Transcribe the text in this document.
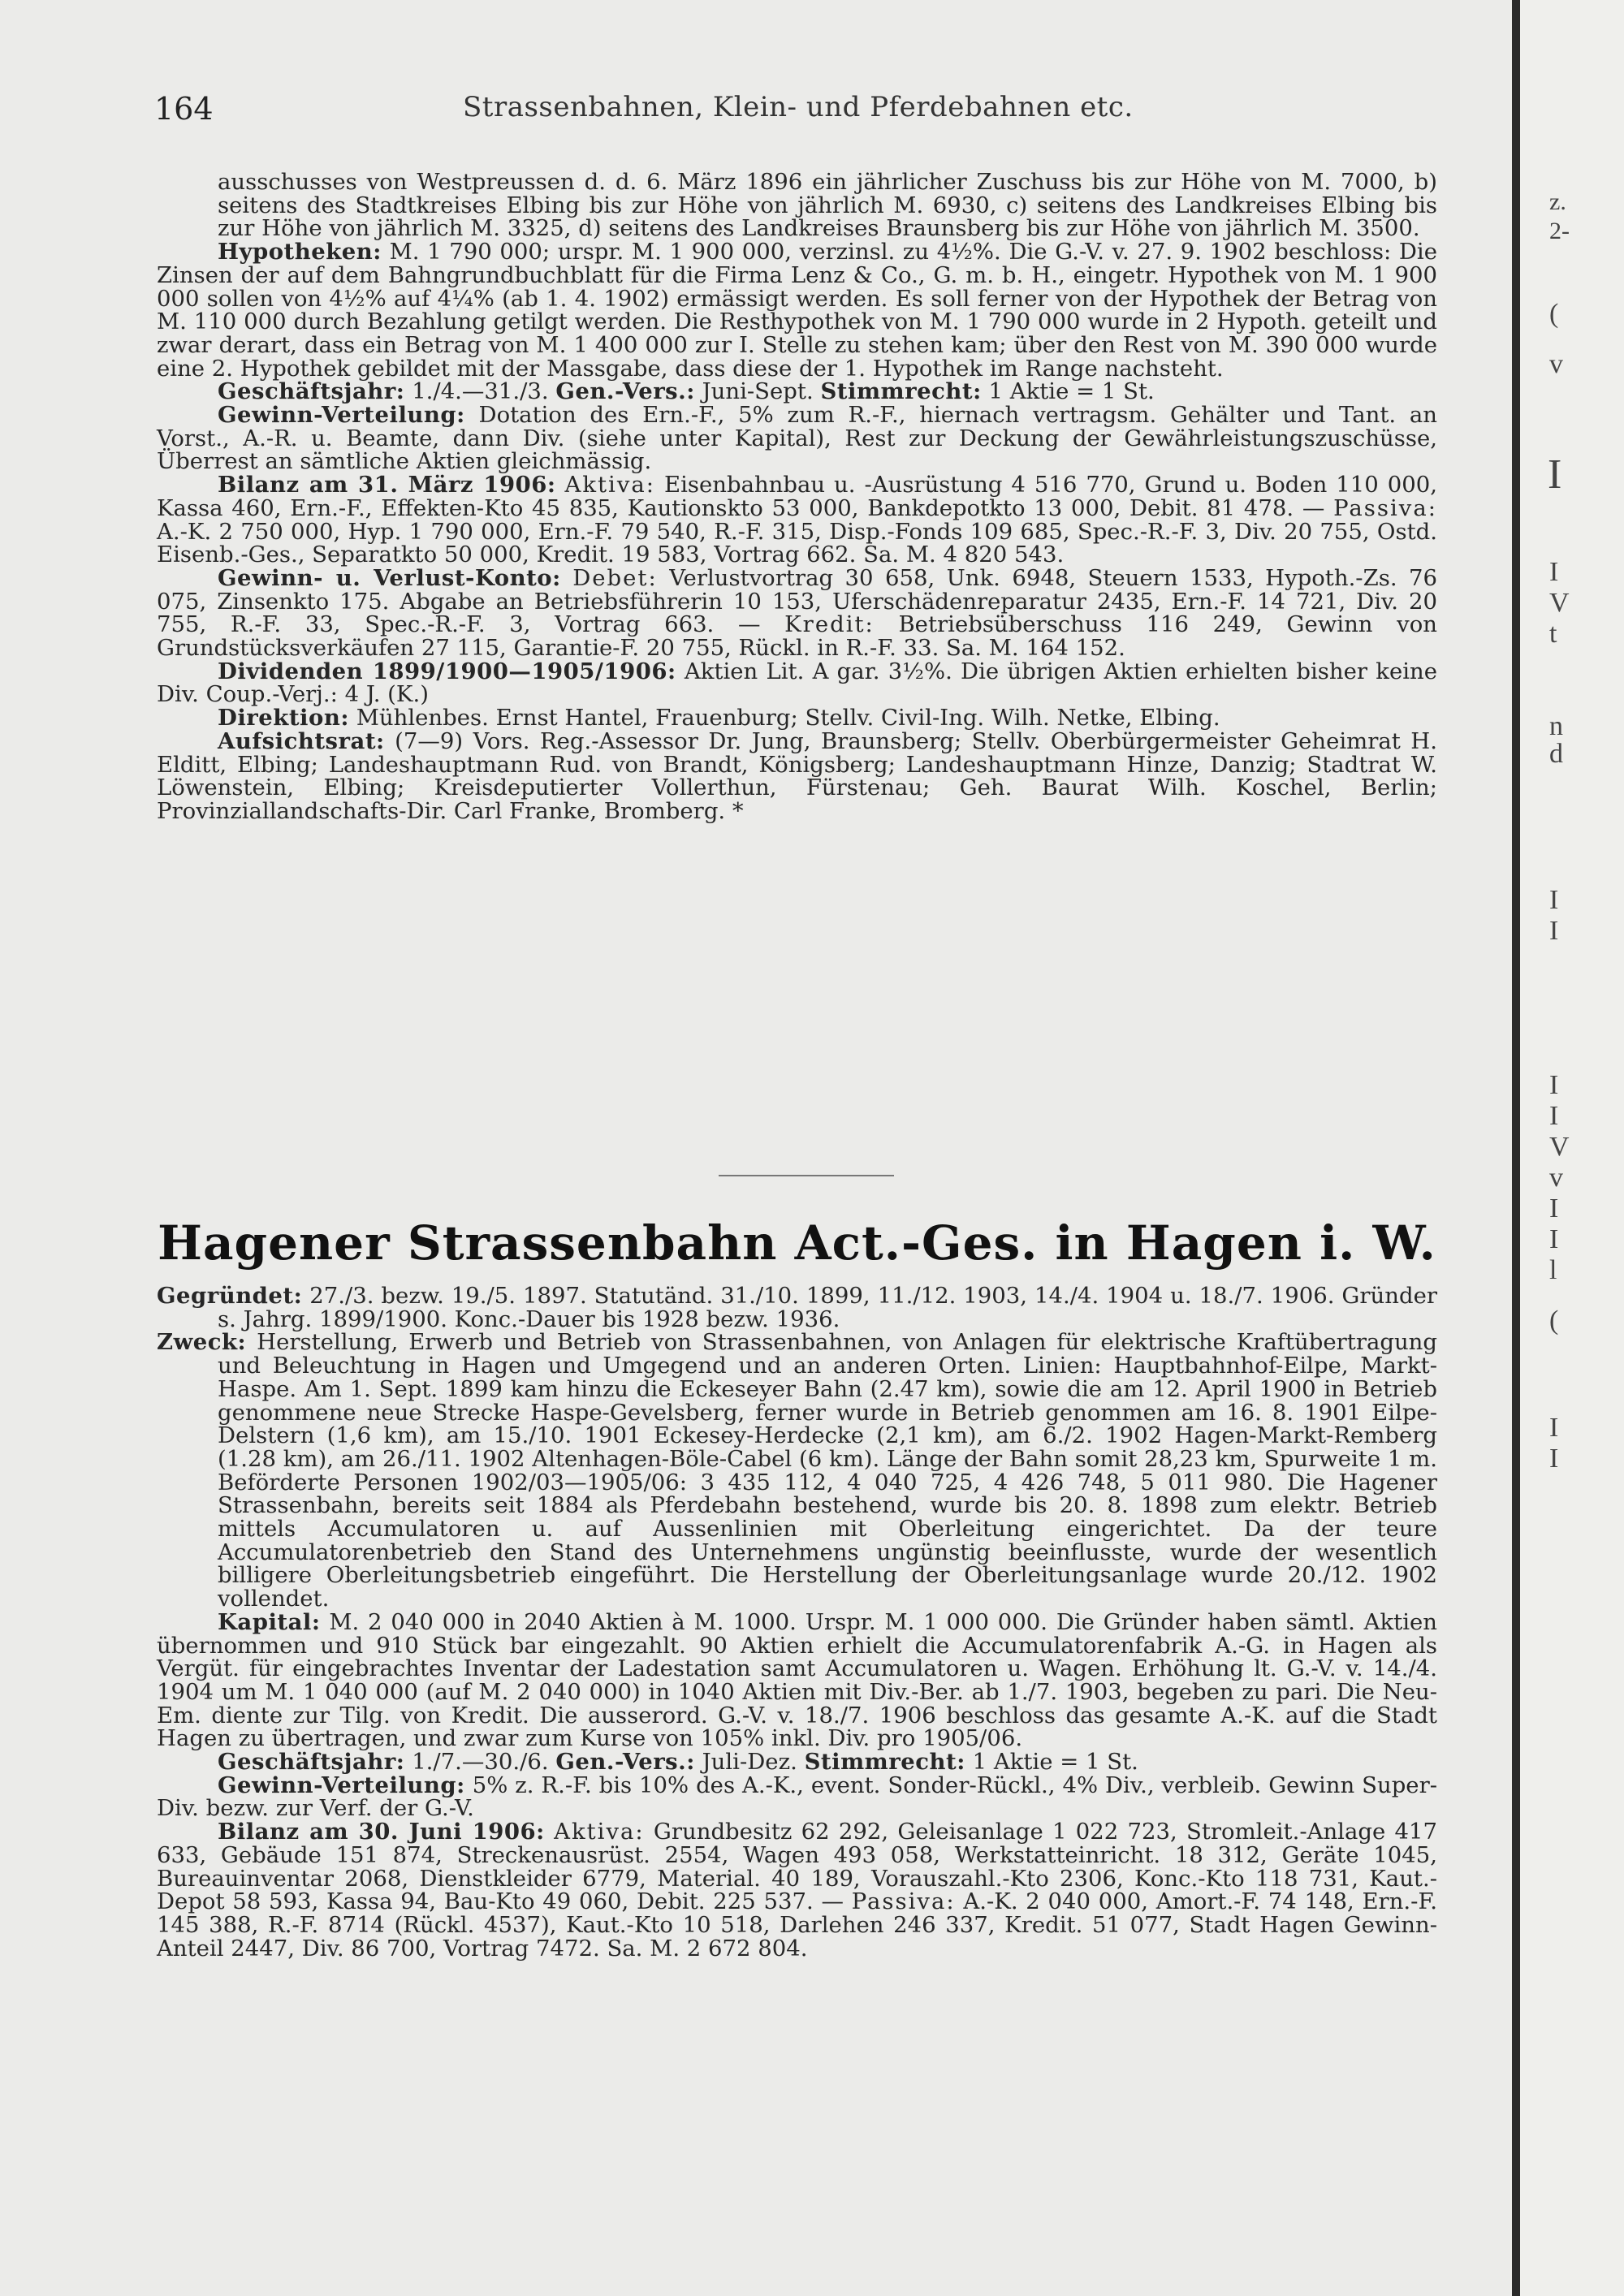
164	Strassenbahnen, Klein- und Pferdebahnen etc.

ausschusses von Westpreussen d. d. 6. März 1896 ein jährlicher Zuschuss bis zur Höhe von M. 7000, b) seitens des Stadtkreises Elbing bis zur Höhe von jährlich M. 6930, c) seitens des Landkreises Elbing bis zur Höhe von jährlich M. 3325, d) seitens des Landkreises Braunsberg bis zur Höhe von jährlich M. 3500.

Hypotheken: M. 1 790 000; urspr. M. 1 900 000, verzinsl. zu 4½%. Die G.-V. v. 27. 9. 1902 beschloss: Die Zinsen der auf dem Bahngrundbuchblatt für die Firma Lenz & Co., G. m. b. H., eingetr. Hypothek von M. 1 900 000 sollen von 4½% auf 4¼% (ab 1. 4. 1902) ermässigt werden. Es soll ferner von der Hypothek der Betrag von M. 110 000 durch Bezahlung getilgt werden. Die Resthypothek von M. 1 790 000 wurde in 2 Hypoth. geteilt und zwar derart, dass ein Betrag von M. 1 400 000 zur I. Stelle zu stehen kam; über den Rest von M. 390 000 wurde eine 2. Hypothek gebildet mit der Massgabe, dass diese der 1. Hypothek im Range nachsteht.

Geschäftsjahr: 1./4.—31./3. Gen.-Vers.: Juni-Sept. Stimmrecht: 1 Aktie = 1 St.

Gewinn-Verteilung: Dotation des Ern.-F., 5% zum R.-F., hiernach vertragsm. Gehälter und Tant. an Vorst., A.-R. u. Beamte, dann Div. (siehe unter Kapital), Rest zur Deckung der Gewährleistungszuschüsse, Überrest an sämtliche Aktien gleichmässig.

Bilanz am 31. März 1906: Aktiva: Eisenbahnbau u. -Ausrüstung 4 516 770, Grund u. Boden 110 000, Kassa 460, Ern.-F., Effekten-Kto 45 835, Kautionskto 53 000, Bankdepotkto 13 000, Debit. 81 478. — Passiva: A.-K. 2 750 000, Hyp. 1 790 000, Ern.-F. 79 540, R.-F. 315, Disp.-Fonds 109 685, Spec.-R.-F. 3, Div. 20 755, Ostd. Eisenb.-Ges., Separatkto 50 000, Kredit. 19 583, Vortrag 662. Sa. M. 4 820 543.

Gewinn- u. Verlust-Konto: Debet: Verlustvortrag 30 658, Unk. 6948, Steuern 1533, Hypoth.-Zs. 76 075, Zinsenkto 175. Abgabe an Betriebsführerin 10 153, Uferschädenreparatur 2435, Ern.-F. 14 721, Div. 20 755, R.-F. 33, Spec.-R.-F. 3, Vortrag 663. — Kredit: Betriebsüberschuss 116 249, Gewinn von Grundstücksverkäufen 27 115, Garantie-F. 20 755, Rückl. in R.-F. 33. Sa. M. 164 152.

Dividenden 1899/1900—1905/1906: Aktien Lit. A gar. 3½%. Die übrigen Aktien erhielten bisher keine Div. Coup.-Verj.: 4 J. (K.)

Direktion: Mühlenbes. Ernst Hantel, Frauenburg; Stellv. Civil-Ing. Wilh. Netke, Elbing.

Aufsichtsrat: (7—9) Vors. Reg.-Assessor Dr. Jung, Braunsberg; Stellv. Oberbürgermeister Geheimrat H. Elditt, Elbing; Landeshauptmann Rud. von Brandt, Königsberg; Landeshauptmann Hinze, Danzig; Stadtrat W. Löwenstein, Elbing; Kreisdeputierter Vollerthun, Fürstenau; Geh. Baurat Wilh. Koschel, Berlin; Provinziallandschafts-Dir. Carl Franke, Bromberg. *

Hagener Strassenbahn Act.-Ges. in Hagen i. W.

Gegründet: 27./3. bezw. 19./5. 1897. Statutänd. 31./10. 1899, 11./12. 1903, 14./4. 1904 u. 18./7. 1906. Gründer s. Jahrg. 1899/1900. Konc.-Dauer bis 1928 bezw. 1936.

Zweck: Herstellung, Erwerb und Betrieb von Strassenbahnen, von Anlagen für elektrische Kraftübertragung und Beleuchtung in Hagen und Umgegend und an anderen Orten. Linien: Hauptbahnhof-Eilpe, Markt-Haspe. Am 1. Sept. 1899 kam hinzu die Eckeseyer Bahn (2.47 km), sowie die am 12. April 1900 in Betrieb genommene neue Strecke Haspe-Gevelsberg, ferner wurde in Betrieb genommen am 16. 8. 1901 Eilpe-Delstern (1,6 km), am 15./10. 1901 Eckesey-Herdecke (2,1 km), am 6./2. 1902 Hagen-Markt-Remberg (1.28 km), am 26./11. 1902 Altenhagen-Böle-Cabel (6 km). Länge der Bahn somit 28,23 km, Spurweite 1 m. Beförderte Personen 1902/03—1905/06: 3 435 112, 4 040 725, 4 426 748, 5 011 980. Die Hagener Strassenbahn, bereits seit 1884 als Pferdebahn bestehend, wurde bis 20. 8. 1898 zum elektr. Betrieb mittels Accumulatoren u. auf Aussenlinien mit Oberleitung eingerichtet. Da der teure Accumulatorenbetrieb den Stand des Unternehmens ungünstig beeinflusste, wurde der wesentlich billigere Oberleitungsbetrieb eingeführt. Die Herstellung der Oberleitungsanlage wurde 20./12. 1902 vollendet.

Kapital: M. 2 040 000 in 2040 Aktien à M. 1000. Urspr. M. 1 000 000. Die Gründer haben sämtl. Aktien übernommen und 910 Stück bar eingezahlt. 90 Aktien erhielt die Accumulatorenfabrik A.-G. in Hagen als Vergüt. für eingebrachtes Inventar der Ladestation samt Accumulatoren u. Wagen. Erhöhung lt. G.-V. v. 14./4. 1904 um M. 1 040 000 (auf M. 2 040 000) in 1040 Aktien mit Div.-Ber. ab 1./7. 1903, begeben zu pari. Die Neu-Em. diente zur Tilg. von Kredit. Die ausserord. G.-V. v. 18./7. 1906 beschloss das gesamte A.-K. auf die Stadt Hagen zu übertragen, und zwar zum Kurse von 105% inkl. Div. pro 1905/06.

Geschäftsjahr: 1./7.—30./6. Gen.-Vers.: Juli-Dez. Stimmrecht: 1 Aktie = 1 St.

Gewinn-Verteilung: 5% z. R.-F. bis 10% des A.-K., event. Sonder-Rückl., 4% Div., verbleib. Gewinn Super-Div. bezw. zur Verf. der G.-V.

Bilanz am 30. Juni 1906: Aktiva: Grundbesitz 62 292, Geleisanlage 1 022 723, Stromleit.-Anlage 417 633, Gebäude 151 874, Streckenausrüst. 2554, Wagen 493 058, Werkstatteinricht. 18 312, Geräte 1045, Bureauinventar 2068, Dienstkleider 6779, Material. 40 189, Vorauszahl.-Kto 2306, Konc.-Kto 118 731, Kaut.-Depot 58 593, Kassa 94, Bau-Kto 49 060, Debit. 225 537. — Passiva: A.-K. 2 040 000, Amort.-F. 74 148, Ern.-F. 145 388, R.-F. 8714 (Rückl. 4537), Kaut.-Kto 10 518, Darlehen 246 337, Kredit. 51 077, Stadt Hagen Gewinn-Anteil 2447, Div. 86 700, Vortrag 7472. Sa. M. 2 672 804.

z.
2-
(
v
I
I
V
t
n
d
I
I
I
I
V
v
I
I
l
(
I
I
